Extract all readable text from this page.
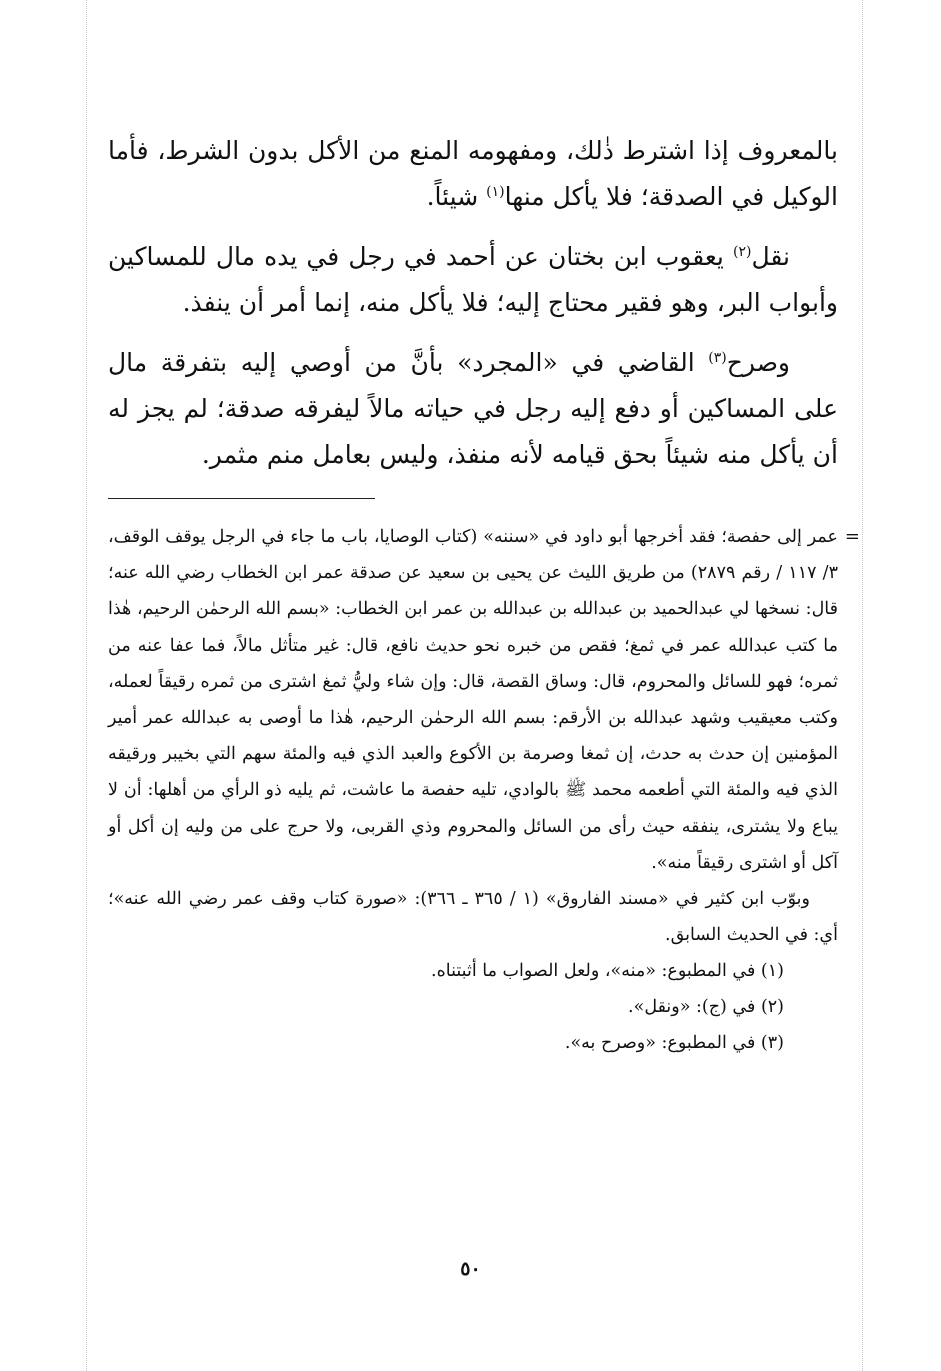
بالمعروف إذا اشترط ذٰلك، ومفهومه المنع من الأكل بدون الشرط، فأما الوكيل في الصدقة؛ فلا يأكل منها$^{(١)}$ شيئاً.

نقل$^{(٢)}$ يعقوب ابن بختان عن أحمد في رجل في يده مال للمساكين وأبواب البر، وهو فقير محتاج إليه؛ فلا يأكل منه، إنما أمر أن ينفذ.

وصرح$^{(٣)}$ القاضي في «المجرد» بأنَّ من أوصي إليه بتفرقة مال على المساكين أو دفع إليه رجل في حياته مالاً ليفرقه صدقة؛ لم يجز له أن يأكل منه شيئاً بحق قيامه لأنه منفذ، وليس بعامل منم مثمر.

=

عمر إلى حفصة؛ فقد أخرجها أبو داود في «سننه» (كتاب الوصايا، باب ما جاء في الرجل يوقف الوقف، ٣/ ١١٧ / رقم ٢٨٧٩) من طريق الليث عن يحيى بن سعيد عن صدقة عمر ابن الخطاب رضي الله عنه؛ قال: نسخها لي عبدالحميد بن عبدالله بن عبدالله بن عمر ابن الخطاب: «بسم الله الرحمٰن الرحيم، هٰذا ما كتب عبدالله عمر في ثمغ؛ فقص من خبره نحو حديث نافع، قال: غير متأثل مالاً، فما عفا عنه من ثمره؛ فهو للسائل والمحروم، قال: وساق القصة، قال: وإن شاء وليُّ ثمغ اشترى من ثمره رقيقاً لعمله، وكتب معيقيب وشهد عبدالله بن الأرقم: بسم الله الرحمٰن الرحيم، هٰذا ما أوصى به عبدالله عمر أمير المؤمنين إن حدث به حدث، إن ثمغا وصرمة بن الأكوع والعبد الذي فيه والمئة سهم التي بخيبر ورقيقه الذي فيه والمئة التي أطعمه محمد ﷺ بالوادي، تليه حفصة ما عاشت، ثم يليه ذو الرأي من أهلها: أن لا يباع ولا يشترى، ينفقه حيث رأى من السائل والمحروم وذي القربى، ولا حرج على من وليه إن أكل أو آكل أو اشترى رقيقاً منه».

وبوّب ابن كثير في «مسند الفاروق» (١ / ٣٦٥ ـ ٣٦٦): «صورة كتاب وقف عمر رضي الله عنه»؛ أي: في الحديث السابق.

(١) في المطبوع: «منه»، ولعل الصواب ما أثبتناه.

(٢) في (ج): «ونقل».

(٣) في المطبوع: «وصرح به».

٥٠
